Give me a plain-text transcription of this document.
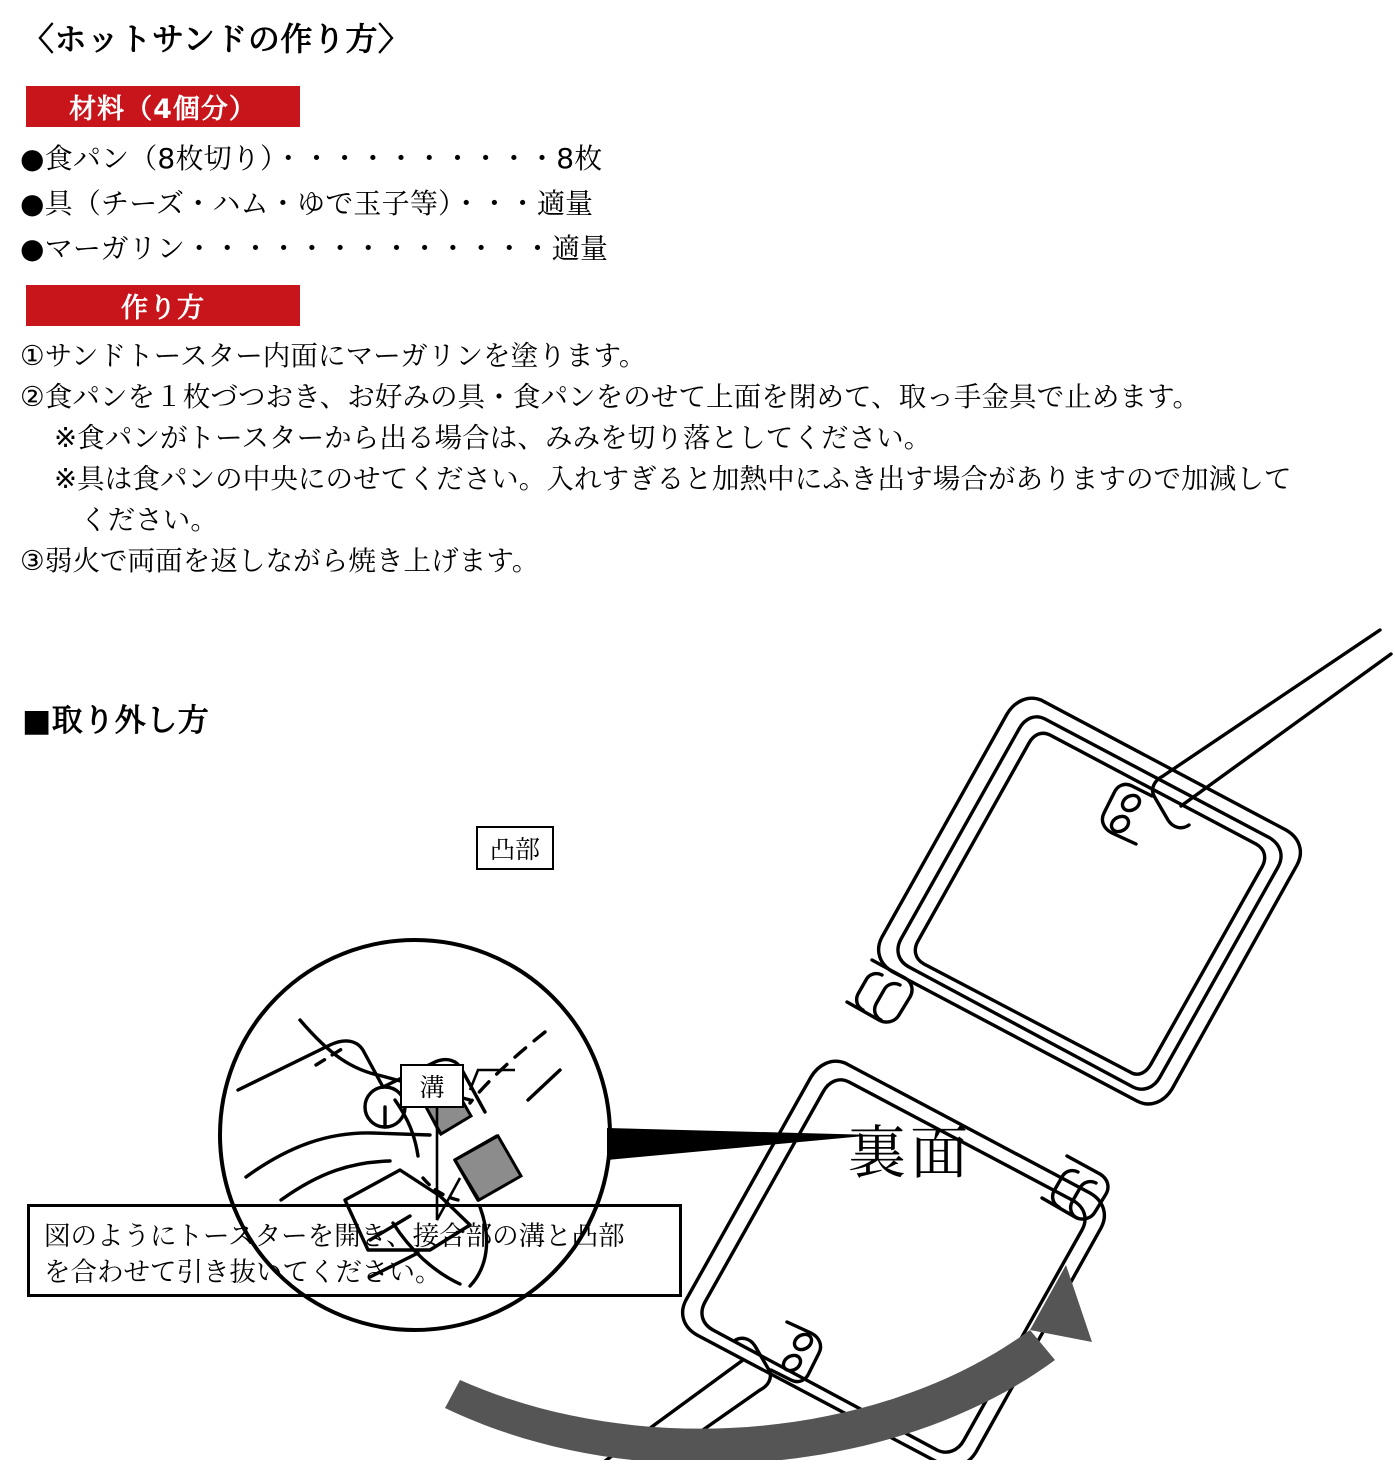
〈ホットサンドの作り方〉
材料（4個分）
●食パン（8枚切り）・・・・・・・・・・8枚
●具（チーズ・ハム・ゆで玉子等）・・・適量
●マーガリン・・・・・・・・・・・・・適量
作り方
①サンドトースター内面にマーガリンを塗ります。
②食パンを１枚づつおき、お好みの具・食パンをのせて上面を閉めて、取っ手金具で止めます。
※食パンがトースターから出る場合は、みみを切り落としてください。
※具は食パンの中央にのせてください。入れすぎると加熱中にふき出す場合がありますので加減して
ください。
③弱火で両面を返しながら焼き上げます。
■取り外し方
凸部
溝
裏面
図のようにトースターを開き、接合部の溝と凸部
を合わせて引き抜いてください。
